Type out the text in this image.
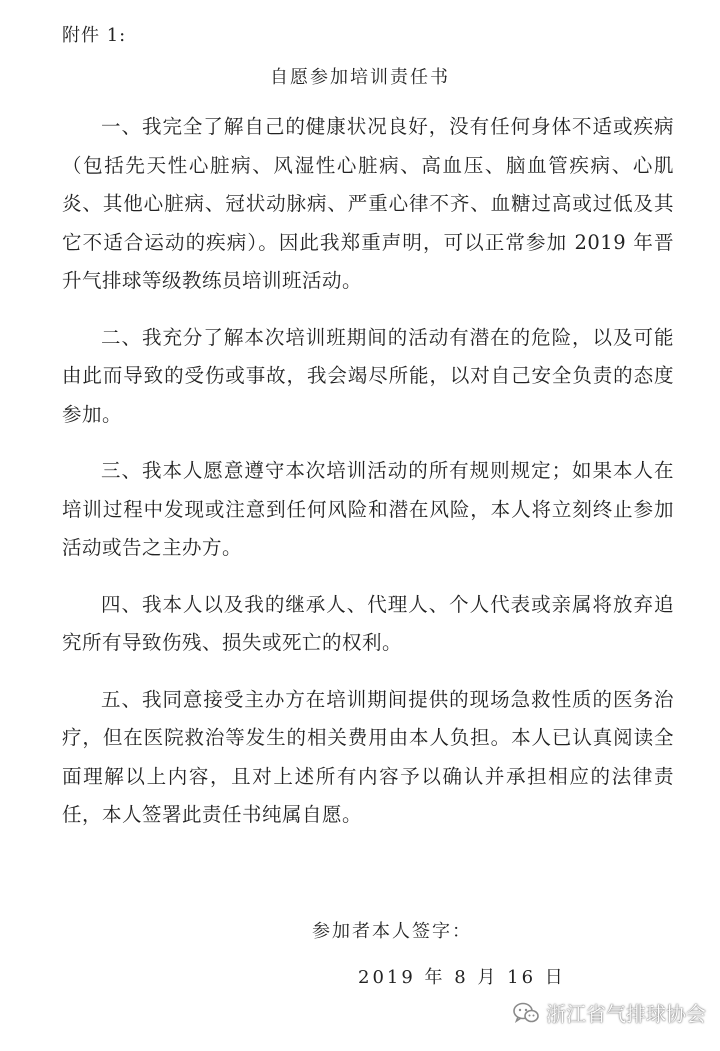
附件 1:
自愿参加培训责任书

一、我完全了解自己的健康状况良好，没有任何身体不适或疾病（包括先天性心脏病、风湿性心脏病、高血压、脑血管疾病、心肌炎、其他心脏病、冠状动脉病、严重心律不齐、血糖过高或过低及其它不适合运动的疾病）。因此我郑重声明，可以正常参加 2019 年晋升气排球等级教练员培训班活动。

二、我充分了解本次培训班期间的活动有潜在的危险，以及可能由此而导致的受伤或事故，我会竭尽所能，以对自己安全负责的态度参加。

三、我本人愿意遵守本次培训活动的所有规则规定；如果本人在培训过程中发现或注意到任何风险和潜在风险，本人将立刻终止参加活动或告之主办方。

四、我本人以及我的继承人、代理人、个人代表或亲属将放弃追究所有导致伤残、损失或死亡的权利。

五、我同意接受主办方在培训期间提供的现场急救性质的医务治疗，但在医院救治等发生的相关费用由本人负担。本人已认真阅读全面理解以上内容，且对上述所有内容予以确认并承担相应的法律责任，本人签署此责任书纯属自愿。

参加者本人签字：
2019 年 8 月 16 日
浙江省气排球协会
